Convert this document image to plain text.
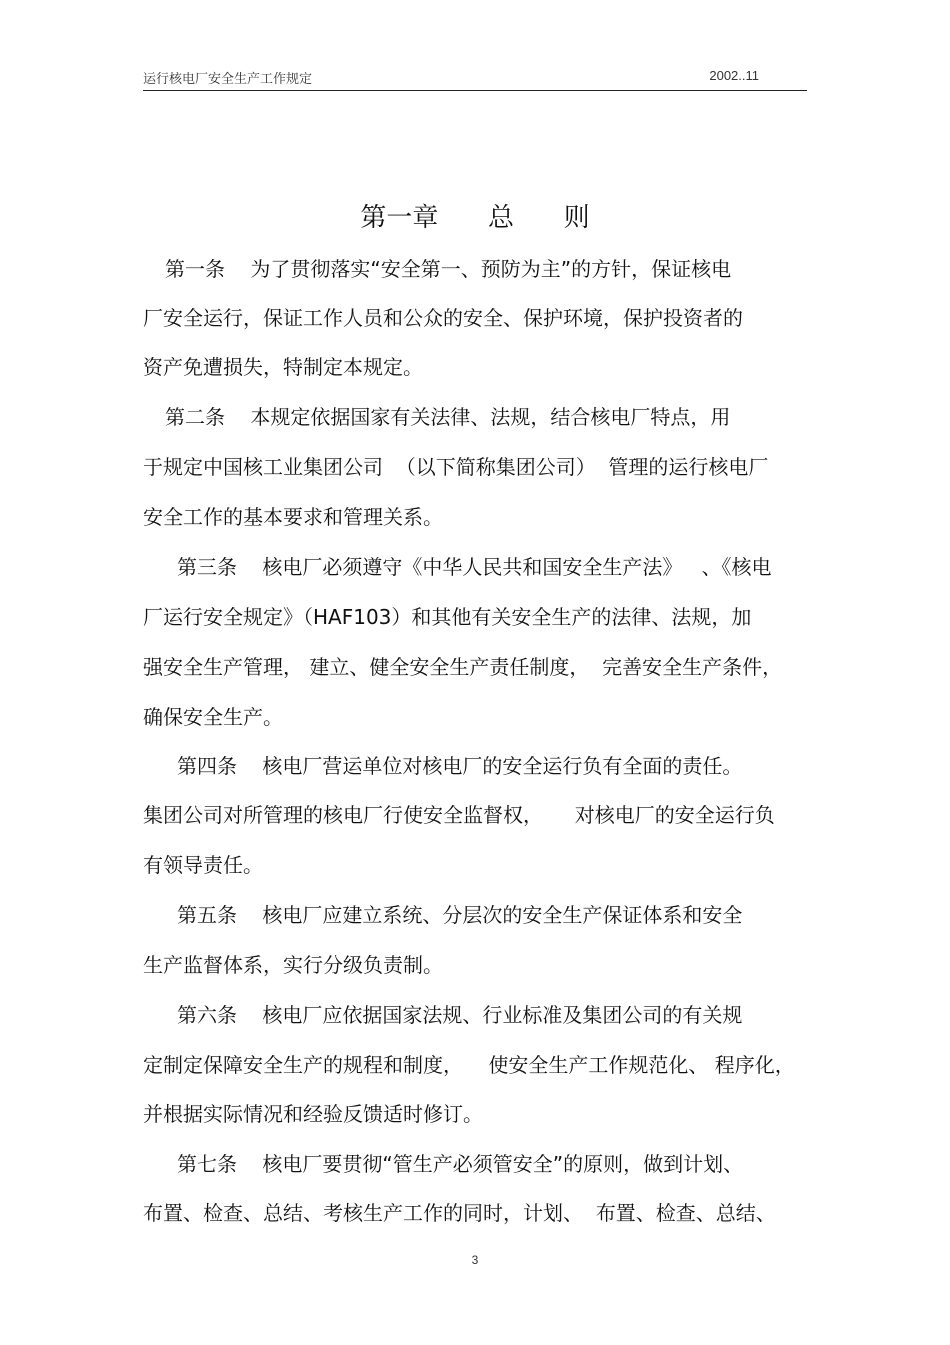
运行核电厂安全生产工作规定	2002..11
第一章      总      则
第一条    为了贯彻落实“安全第一、预防为主”的方针，保证核电
厂安全运行，保证工作人员和公众的安全、保护环境，保护投资者的
资产免遭损失，特制定本规定。
第二条    本规定依据国家有关法律、法规，结合核电厂特点，用
于规定中国核工业集团公司  （以下简称集团公司）  管理的运行核电厂
安全工作的基本要求和管理关系。
第三条    核电厂必须遵守《中华人民共和国安全生产法》   、《核电
厂运行安全规定》（HAF103）和其他有关安全生产的法律、法规，加
强安全生产管理， 建立、健全安全生产责任制度，  完善安全生产条件，
确保安全生产。
第四条    核电厂营运单位对核电厂的安全运行负有全面的责任。
集团公司对所管理的核电厂行使安全监督权，     对核电厂的安全运行负
有领导责任。
第五条    核电厂应建立系统、分层次的安全生产保证体系和安全
生产监督体系，实行分级负责制。
第六条    核电厂应依据国家法规、行业标准及集团公司的有关规
定制定保障安全生产的规程和制度，    使安全生产工作规范化、 程序化，
并根据实际情况和经验反馈适时修订。
第七条    核电厂要贯彻“管生产必须管安全”的原则，做到计划、
布置、检查、总结、考核生产工作的同时，计划、  布置、检查、总结、
3
